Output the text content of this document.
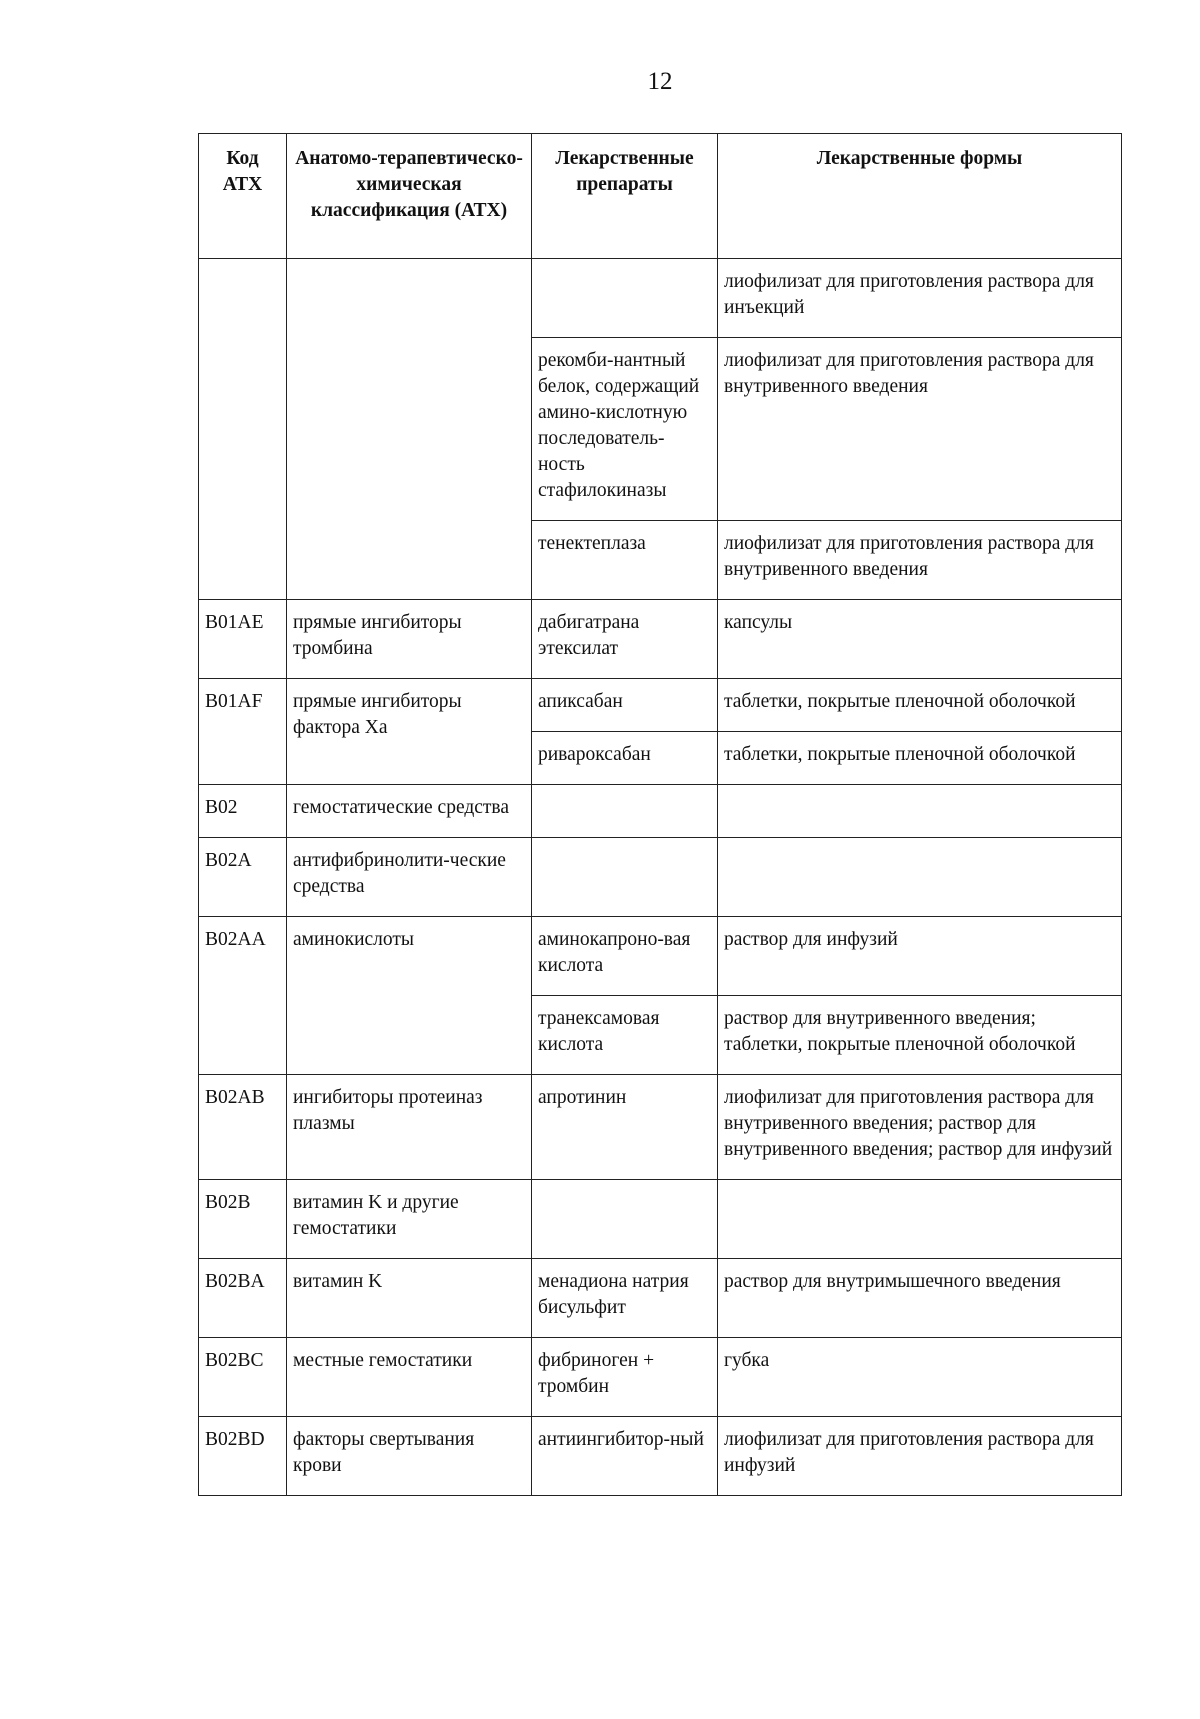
12
Код АТХ	Анатомо-терапевтическо-химическая классификация (АТХ)	Лекарственные препараты	Лекарственные формы
			лиофилизат для приготовления раствора для инъекций
		рекомби-нантный белок, содержащий амино-кислотную последователь-ность стафилокиназы	лиофилизат для приготовления раствора для внутривенного введения
		тенектеплаза	лиофилизат для приготовления раствора для внутривенного введения
B01AE	прямые ингибиторы тромбина	дабигатрана этексилат	капсулы
B01AF	прямые ингибиторы фактора Xa	апиксабан	таблетки, покрытые пленочной оболочкой
		ривароксабан	таблетки, покрытые пленочной оболочкой
B02	гемостатические средства		
B02A	антифибринолити-ческие средства		
B02AA	аминокислоты	аминокапроно-вая кислота	раствор для инфузий
		транексамовая кислота	раствор для внутривенного введения; таблетки, покрытые пленочной оболочкой
B02AB	ингибиторы протеиназ плазмы	апротинин	лиофилизат для приготовления раствора для внутривенного введения; раствор для внутривенного введения; раствор для инфузий
B02B	витамин K и другие гемостатики		
B02BA	витамин K	менадиона натрия бисульфит	раствор для внутримышечного введения
B02BC	местные гемостатики	фибриноген + тромбин	губка
B02BD	факторы свертывания крови	антиингибитор-ный	лиофилизат для приготовления раствора для инфузий
